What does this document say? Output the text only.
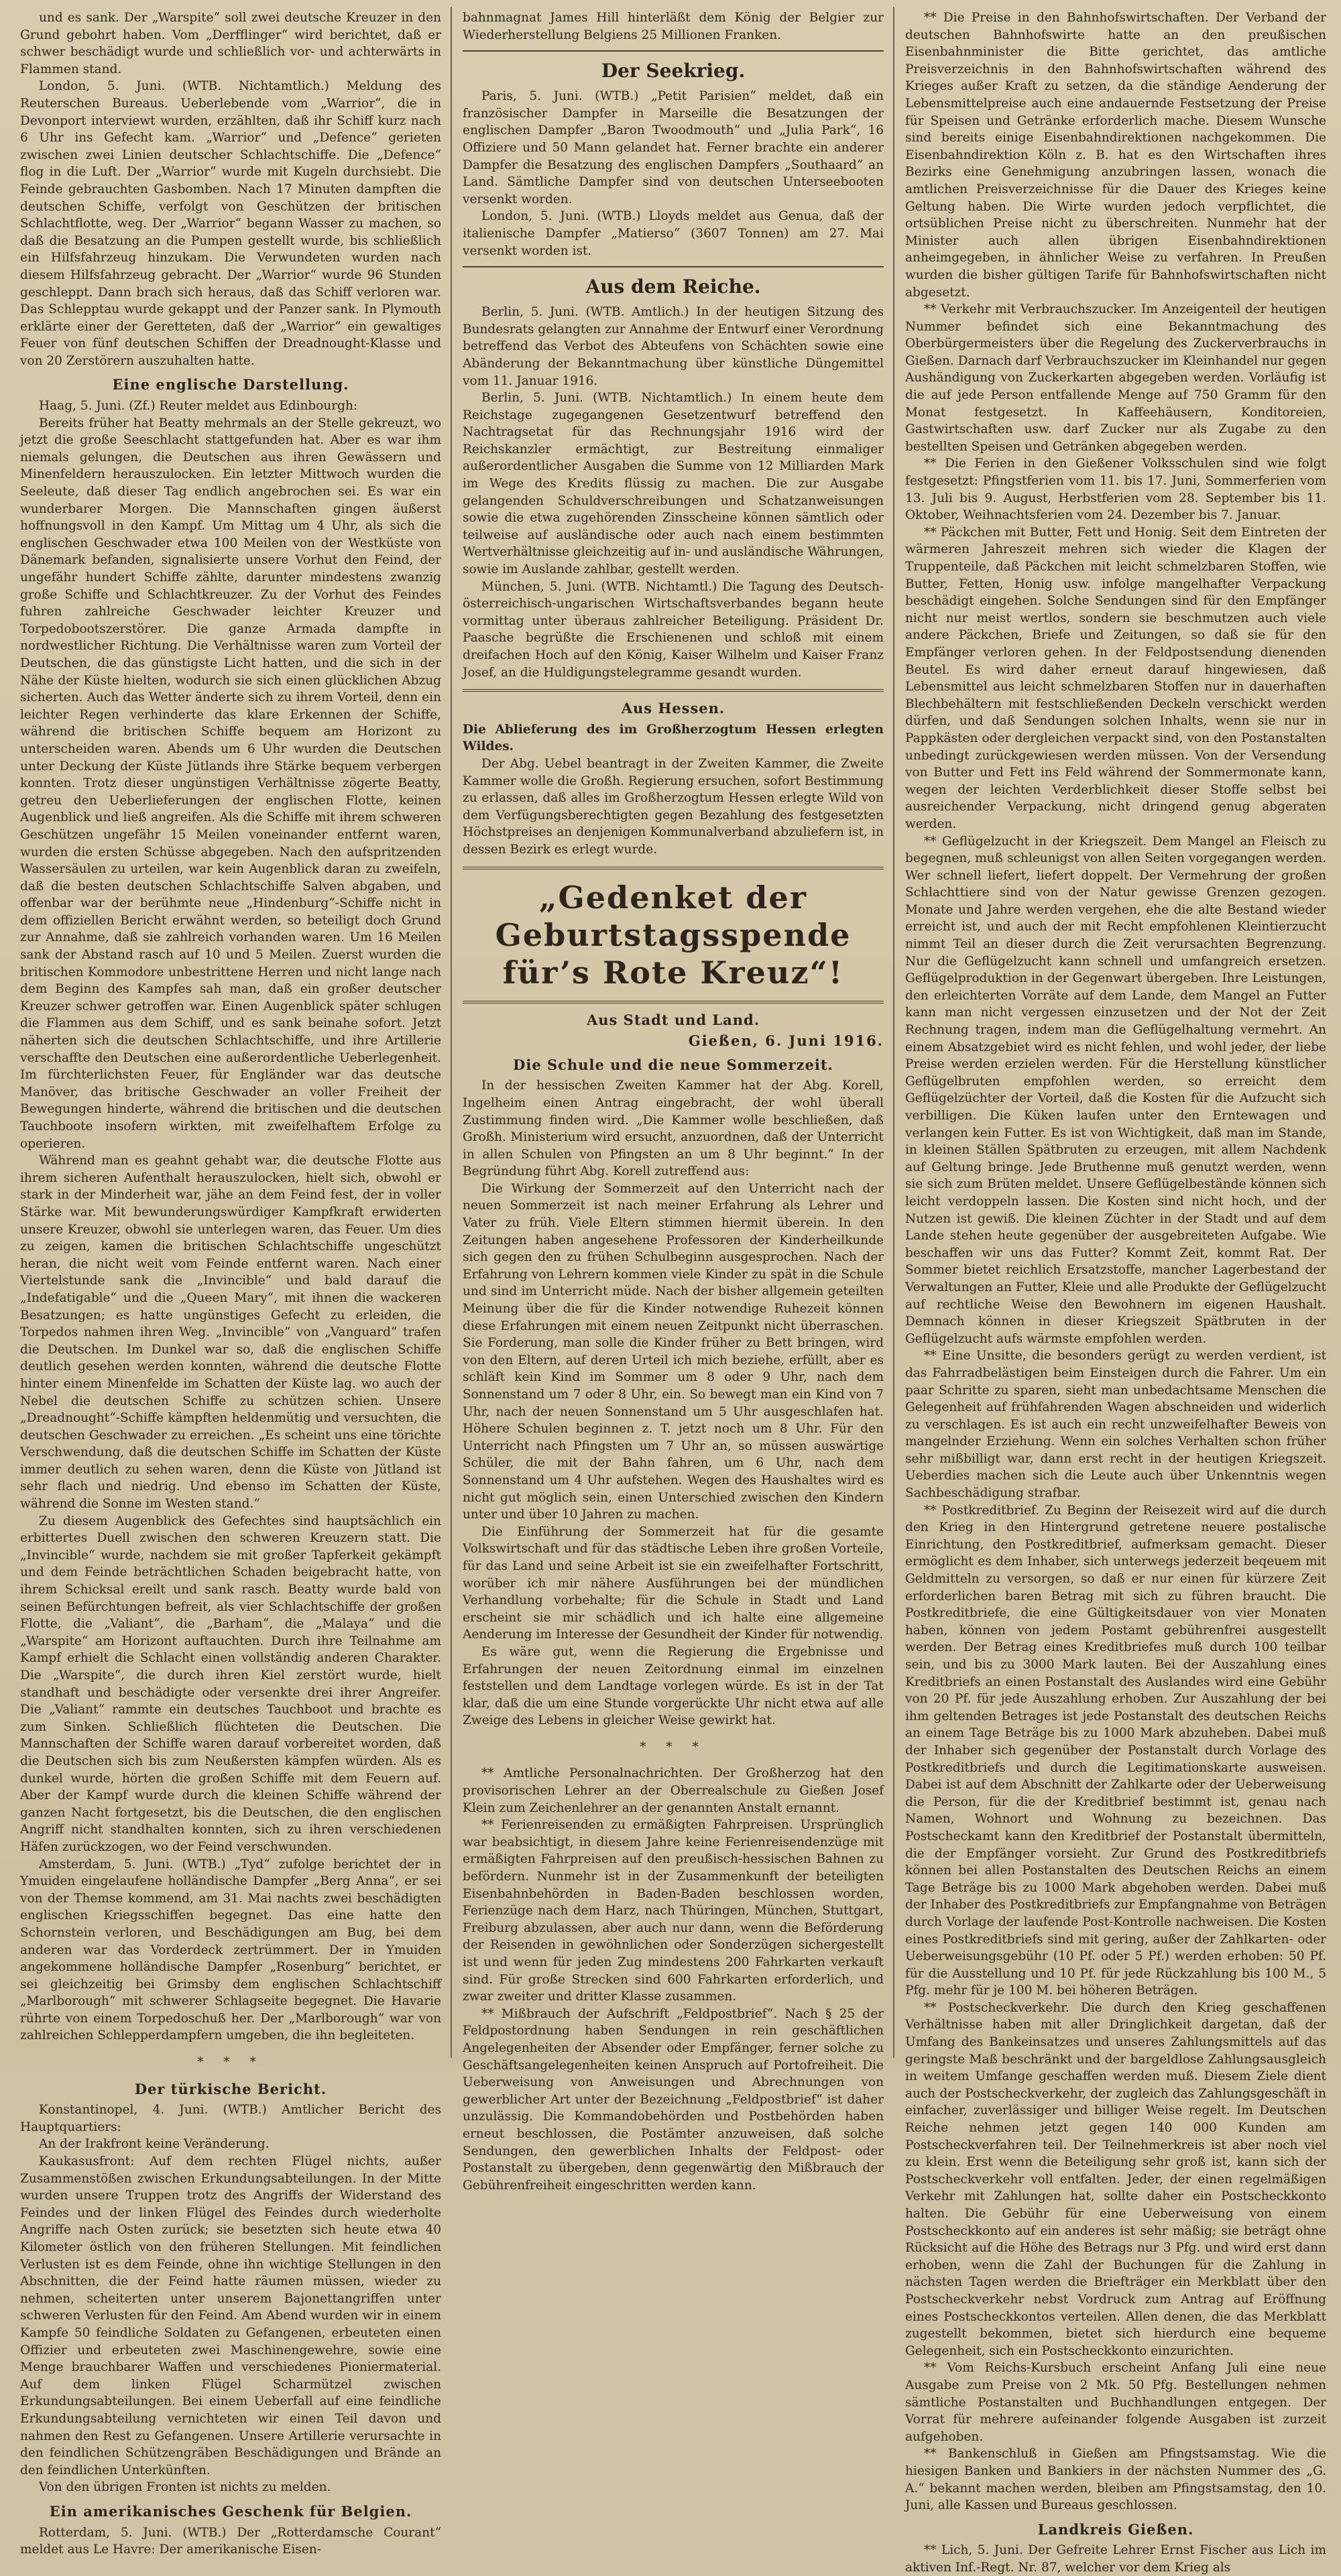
und es sank. Der „Warspite“ soll zwei deutsche Kreuzer in den Grund gebohrt haben. Vom „Derfflinger“ wird berichtet, daß er schwer beschädigt wurde und schließlich vor- und achterwärts in Flammen stand.

London, 5. Juni. (WTB. Nichtamtlich.) Meldung des Reuterschen Bureaus. Ueberlebende vom „Warrior“, die in Devonport interviewt wurden, erzählten, daß ihr Schiff kurz nach 6 Uhr ins Gefecht kam. „Warrior“ und „Defence“ gerieten zwischen zwei Linien deutscher Schlachtschiffe. Die „Defence“ flog in die Luft. Der „Warrior“ wurde mit Kugeln durchsiebt. Die Feinde gebrauchten Gasbomben. Nach 17 Minuten dampften die deutschen Schiffe, verfolgt von Geschützen der britischen Schlachtflotte, weg. Der „Warrior“ begann Wasser zu machen, so daß die Besatzung an die Pumpen gestellt wurde, bis schließlich ein Hilfsfahrzeug hinzukam. Die Verwundeten wurden nach diesem Hilfsfahrzeug gebracht. Der „Warrior“ wurde 96 Stunden geschleppt. Dann brach sich heraus, daß das Schiff verloren war. Das Schlepptau wurde gekappt und der Panzer sank. In Plymouth erklärte einer der Geretteten, daß der „Warrior“ ein gewaltiges Feuer von fünf deutschen Schiffen der Dreadnought-Klasse und von 20 Zerstörern auszuhalten hatte.

Eine englische Darstellung.

Haag, 5. Juni. (Zf.) Reuter meldet aus Edinbourgh:

Bereits früher hat Beatty mehrmals an der Stelle gekreuzt, wo jetzt die große Seeschlacht stattgefunden hat. Aber es war ihm niemals gelungen, die Deutschen aus ihren Gewässern und Minenfeldern herauszulocken. Ein letzter Mittwoch wurden die Seeleute, daß dieser Tag endlich angebrochen sei. Es war ein wunderbarer Morgen. Die Mannschaften gingen äußerst hoffnungsvoll in den Kampf. Um Mittag um 4 Uhr, als sich die englischen Geschwader etwa 100 Meilen von der Westküste von Dänemark befanden, signalisierte unsere Vorhut den Feind, der ungefähr hundert Schiffe zählte, darunter mindestens zwanzig große Schiffe und Schlachtkreuzer. Zu der Vorhut des Feindes fuhren zahlreiche Geschwader leichter Kreuzer und Torpedobootszerstörer. Die ganze Armada dampfte in nordwestlicher Richtung. Die Verhältnisse waren zum Vorteil der Deutschen, die das günstigste Licht hatten, und die sich in der Nähe der Küste hielten, wodurch sie sich einen glücklichen Abzug sicherten. Auch das Wetter änderte sich zu ihrem Vorteil, denn ein leichter Regen verhinderte das klare Erkennen der Schiffe, während die britischen Schiffe bequem am Horizont zu unterscheiden waren. Abends um 6 Uhr wurden die Deutschen unter Deckung der Küste Jütlands ihre Stärke bequem verbergen konnten. Trotz dieser ungünstigen Verhältnisse zögerte Beatty, getreu den Ueberlieferungen der englischen Flotte, keinen Augenblick und ließ angreifen. Als die Schiffe mit ihrem schweren Geschützen ungefähr 15 Meilen voneinander entfernt waren, wurden die ersten Schüsse abgegeben. Nach den aufspritzenden Wassersäulen zu urteilen, war kein Augenblick daran zu zweifeln, daß die besten deutschen Schlachtschiffe Salven abgaben, und offenbar war der berühmte neue „Hindenburg“-Schiffe nicht in dem offiziellen Bericht erwähnt werden, so beteiligt doch Grund zur Annahme, daß sie zahlreich vorhanden waren. Um 16 Meilen sank der Abstand rasch auf 10 und 5 Meilen. Zuerst wurden die britischen Kommodore unbestrittene Herren und nicht lange nach dem Beginn des Kampfes sah man, daß ein großer deutscher Kreuzer schwer getroffen war. Einen Augenblick später schlugen die Flammen aus dem Schiff, und es sank beinahe sofort. Jetzt näherten sich die deutschen Schlachtschiffe, und ihre Artillerie verschaffte den Deutschen eine außerordentliche Ueberlegenheit. Im fürchterlichsten Feuer, für Engländer war das deutsche Manöver, das britische Geschwader an voller Freiheit der Bewegungen hinderte, während die britischen und die deutschen Tauchboote insofern wirkten, mit zweifelhaftem Erfolge zu operieren.

Während man es geahnt gehabt war, die deutsche Flotte aus ihrem sicheren Aufenthalt herauszulocken, hielt sich, obwohl er stark in der Minderheit war, jähe an dem Feind fest, der in voller Stärke war. Mit bewunderungswürdiger Kampfkraft erwiderten unsere Kreuzer, obwohl sie unterlegen waren, das Feuer. Um dies zu zeigen, kamen die britischen Schlachtschiffe ungeschützt heran, die nicht weit vom Feinde entfernt waren. Nach einer Viertelstunde sank die „Invincible“ und bald darauf die „Indefatigable“ und die „Queen Mary“, mit ihnen die wackeren Besatzungen; es hatte ungünstiges Gefecht zu erleiden, die Torpedos nahmen ihren Weg. „Invincible“ von „Vanguard“ trafen die Deutschen. Im Dunkel war so, daß die englischen Schiffe deutlich gesehen werden konnten, während die deutsche Flotte hinter einem Minenfelde im Schatten der Küste lag. wo auch der Nebel die deutschen Schiffe zu schützen schien. Unsere „Dreadnought“-Schiffe kämpften heldenmütig und versuchten, die deutschen Geschwader zu erreichen. „Es scheint uns eine törichte Verschwendung, daß die deutschen Schiffe im Schatten der Küste immer deutlich zu sehen waren, denn die Küste von Jütland ist sehr flach und niedrig. Und ebenso im Schatten der Küste, während die Sonne im Westen stand.“

Zu diesem Augenblick des Gefechtes sind hauptsächlich ein erbittertes Duell zwischen den schweren Kreuzern statt. Die „Invincible“ wurde, nachdem sie mit großer Tapferkeit gekämpft und dem Feinde beträchtlichen Schaden beigebracht hatte, von ihrem Schicksal ereilt und sank rasch. Beatty wurde bald von seinen Befürchtungen befreit, als vier Schlachtschiffe der großen Flotte, die „Valiant“, die „Barham“, die „Malaya“ und die „Warspite“ am Horizont auftauchten. Durch ihre Teilnahme am Kampf erhielt die Schlacht einen vollständig anderen Charakter. Die „Warspite“, die durch ihren Kiel zerstört wurde, hielt standhaft und beschädigte oder versenkte drei ihrer Angreifer. Die „Valiant“ rammte ein deutsches Tauchboot und brachte es zum Sinken. Schließlich flüchteten die Deutschen. Die Mannschaften der Schiffe waren darauf vorbereitet worden, daß die Deutschen sich bis zum Neußersten kämpfen würden. Als es dunkel wurde, hörten die großen Schiffe mit dem Feuern auf. Aber der Kampf wurde durch die kleinen Schiffe während der ganzen Nacht fortgesetzt, bis die Deutschen, die den englischen Angriff nicht standhalten konnten, sich zu ihren verschiedenen Häfen zurückzogen, wo der Feind verschwunden.

Amsterdam, 5. Juni. (WTB.) „Tyd“ zufolge berichtet der in Ymuiden eingelaufene holländische Dampfer „Berg Anna“, er sei von der Themse kommend, am 31. Mai nachts zwei beschädigten englischen Kriegsschiffen begegnet. Das eine hatte den Schornstein verloren, und Beschädigungen am Bug, bei dem anderen war das Vorderdeck zertrümmert. Der in Ymuiden angekommene holländische Dampfer „Rosenburg“ berichtet, er sei gleichzeitig bei Grimsby dem englischen Schlachtschiff „Marlborough“ mit schwerer Schlagseite begegnet. Die Havarie rührte von einem Torpedoschuß her. Der „Marlborough“ war von zahlreichen Schlepperdampfern umgeben, die ihn begleiteten.

* * *
Der türkische Bericht.

Konstantinopel, 4. Juni. (WTB.) Amtlicher Bericht des Hauptquartiers:

An der Irakfront keine Veränderung.

Kaukasusfront: Auf dem rechten Flügel nichts, außer Zusammenstößen zwischen Erkundungsabteilungen. In der Mitte wurden unsere Truppen trotz des Angriffs der Widerstand des Feindes und der linken Flügel des Feindes durch wiederholte Angriffe nach Osten zurück; sie besetzten sich heute etwa 40 Kilometer östlich von den früheren Stellungen. Mit feindlichen Verlusten ist es dem Feinde, ohne ihn wichtige Stellungen in den Abschnitten, die der Feind hatte räumen müssen, wieder zu nehmen, scheiterten unter unserem Bajonettangriffen unter schweren Verlusten für den Feind. Am Abend wurden wir in einem Kampfe 50 feindliche Soldaten zu Gefangenen, erbeuteten einen Offizier und erbeuteten zwei Maschinengewehre, sowie eine Menge brauchbarer Waffen und verschiedenes Pioniermaterial. Auf dem linken Flügel Scharmützel zwischen Erkundungsabteilungen. Bei einem Ueberfall auf eine feindliche Erkundungsabteilung vernichteten wir einen Teil davon und nahmen den Rest zu Gefangenen. Unsere Artillerie verursachte in den feindlichen Schützengräben Beschädigungen und Brände an den feindlichen Unterkünften.

Von den übrigen Fronten ist nichts zu melden.

Ein amerikanisches Geschenk für Belgien.

Rotterdam, 5. Juni. (WTB.) Der „Rotterdamsche Courant“ meldet aus Le Havre: Der amerikanische Eisen-

bahnmagnat James Hill hinterläßt dem König der Belgier zur Wiederherstellung Belgiens 25 Millionen Franken.

Der Seekrieg.

Paris, 5. Juni. (WTB.) „Petit Parisien“ meldet, daß ein französischer Dampfer in Marseille die Besatzungen der englischen Dampfer „Baron Twoodmouth“ und „Julia Park“, 16 Offiziere und 50 Mann gelandet hat. Ferner brachte ein anderer Dampfer die Besatzung des englischen Dampfers „Southaard“ an Land. Sämtliche Dampfer sind von deutschen Unterseebooten versenkt worden.

London, 5. Juni. (WTB.) Lloyds meldet aus Genua, daß der italienische Dampfer „Matierso“ (3607 Tonnen) am 27. Mai versenkt worden ist.

Aus dem Reiche.

Berlin, 5. Juni. (WTB. Amtlich.) In der heutigen Sitzung des Bundesrats gelangten zur Annahme der Entwurf einer Verordnung betreffend das Verbot des Abteufens von Schächten sowie eine Abänderung der Bekanntmachung über künstliche Düngemittel vom 11. Januar 1916.

Berlin, 5. Juni. (WTB. Nichtamtlich.) In einem heute dem Reichstage zugegangenen Gesetzentwurf betreffend den Nachtragsetat für das Rechnungsjahr 1916 wird der Reichskanzler ermächtigt, zur Bestreitung einmaliger außerordentlicher Ausgaben die Summe von 12 Milliarden Mark im Wege des Kredits flüssig zu machen. Die zur Ausgabe gelangenden Schuldverschreibungen und Schatzanweisungen sowie die etwa zugehörenden Zinsscheine können sämtlich oder teilweise auf ausländische oder auch nach einem bestimmten Wertverhältnisse gleichzeitig auf in- und ausländische Währungen, sowie im Auslande zahlbar, gestellt werden.

München, 5. Juni. (WTB. Nichtamtl.) Die Tagung des Deutsch-österreichisch-ungarischen Wirtschaftsverbandes begann heute vormittag unter überaus zahlreicher Beteiligung. Präsident Dr. Paasche begrüßte die Erschienenen und schloß mit einem dreifachen Hoch auf den König, Kaiser Wilhelm und Kaiser Franz Josef, an die Huldigungstelegramme gesandt wurden.

Aus Hessen.

Die Ablieferung des im Großherzogtum Hessen erlegten Wildes.

Der Abg. Uebel beantragt in der Zweiten Kammer, die Zweite Kammer wolle die Großh. Regierung ersuchen, sofort Bestimmung zu erlassen, daß alles im Großherzogtum Hessen erlegte Wild von dem Verfügungsberechtigten gegen Bezahlung des festgesetzten Höchstpreises an denjenigen Kommunalverband abzuliefern ist, in dessen Bezirk es erlegt wurde.

„Gedenket der Geburtstagsspende für’s Rote Kreuz“!
Aus Stadt und Land.
Gießen, 6. Juni 1916.
Die Schule und die neue Sommerzeit.

In der hessischen Zweiten Kammer hat der Abg. Korell, Ingelheim einen Antrag eingebracht, der wohl überall Zustimmung finden wird. „Die Kammer wolle beschließen, daß Großh. Ministerium wird ersucht, anzuordnen, daß der Unterricht in allen Schulen von Pfingsten an um 8 Uhr beginnt.“ In der Begründung führt Abg. Korell zutreffend aus:

Die Wirkung der Sommerzeit auf den Unterricht nach der neuen Sommerzeit ist nach meiner Erfahrung als Lehrer und Vater zu früh. Viele Eltern stimmen hiermit überein. In den Zeitungen haben angesehene Professoren der Kinderheilkunde sich gegen den zu frühen Schulbeginn ausgesprochen. Nach der Erfahrung von Lehrern kommen viele Kinder zu spät in die Schule und sind im Unterricht müde. Nach der bisher allgemein geteilten Meinung über die für die Kinder notwendige Ruhezeit können diese Erfahrungen mit einem neuen Zeitpunkt nicht überraschen. Sie Forderung, man solle die Kinder früher zu Bett bringen, wird von den Eltern, auf deren Urteil ich mich beziehe, erfüllt, aber es schläft kein Kind im Sommer um 8 oder 9 Uhr, nach dem Sonnenstand um 7 oder 8 Uhr, ein. So bewegt man ein Kind von 7 Uhr, nach der neuen Sonnenstand um 5 Uhr ausgeschlafen hat. Höhere Schulen beginnen z. T. jetzt noch um 8 Uhr. Für den Unterricht nach Pfingsten um 7 Uhr an, so müssen auswärtige Schüler, die mit der Bahn fahren, um 6 Uhr, nach dem Sonnenstand um 4 Uhr aufstehen. Wegen des Haushaltes wird es nicht gut möglich sein, einen Unterschied zwischen den Kindern unter und über 10 Jahren zu machen.

Die Einführung der Sommerzeit hat für die gesamte Volkswirtschaft und für das städtische Leben ihre großen Vorteile, für das Land und seine Arbeit ist sie ein zweifelhafter Fortschritt, worüber ich mir nähere Ausführungen bei der mündlichen Verhandlung vorbehalte; für die Schule in Stadt und Land erscheint sie mir schädlich und ich halte eine allgemeine Aenderung im Interesse der Gesundheit der Kinder für notwendig.

Es wäre gut, wenn die Regierung die Ergebnisse und Erfahrungen der neuen Zeitordnung einmal im einzelnen feststellen und dem Landtage vorlegen würde. Es ist in der Tat klar, daß die um eine Stunde vorgerückte Uhr nicht etwa auf alle Zweige des Lebens in gleicher Weise gewirkt hat.

* * *

** Amtliche Personalnachrichten. Der Großherzog hat den provisorischen Lehrer an der Oberrealschule zu Gießen Josef Klein zum Zeichenlehrer an der genannten Anstalt ernannt.

** Ferienreisenden zu ermäßigten Fahrpreisen. Ursprünglich war beabsichtigt, in diesem Jahre keine Ferienreisendenzüge mit ermäßigten Fahrpreisen auf den preußisch-hessischen Bahnen zu befördern. Nunmehr ist in der Zusammenkunft der beteiligten Eisenbahnbehörden in Baden-Baden beschlossen worden, Ferienzüge nach dem Harz, nach Thüringen, München, Stuttgart, Freiburg abzulassen, aber auch nur dann, wenn die Beförderung der Reisenden in gewöhnlichen oder Sonderzügen sichergestellt ist und wenn für jeden Zug mindestens 200 Fahrkarten verkauft sind. Für große Strecken sind 600 Fahrkarten erforderlich, und zwar zweiter und dritter Klasse zusammen.

** Mißbrauch der Aufschrift „Feldpostbrief“. Nach § 25 der Feldpostordnung haben Sendungen in rein geschäftlichen Angelegenheiten der Absender oder Empfänger, ferner solche zu Geschäftsangelegenheiten keinen Anspruch auf Portofreiheit. Die Ueberweisung von Anweisungen und Abrechnungen von gewerblicher Art unter der Bezeichnung „Feldpostbrief“ ist daher unzulässig. Die Kommandobehörden und Postbehörden haben erneut beschlossen, die Postämter anzuweisen, daß solche Sendungen, den gewerblichen Inhalts der Feldpost- oder Postanstalt zu übergeben, denn gegenwärtig den Mißbrauch der Gebührenfreiheit eingeschritten werden kann.

** Die Preise in den Bahnhofswirtschaften. Der Verband der deutschen Bahnhofswirte hatte an den preußischen Eisenbahnminister die Bitte gerichtet, das amtliche Preisverzeichnis in den Bahnhofswirtschaften während des Krieges außer Kraft zu setzen, da die ständige Aenderung der Lebensmittelpreise auch eine andauernde Festsetzung der Preise für Speisen und Getränke erforderlich mache. Diesem Wunsche sind bereits einige Eisenbahndirektionen nachgekommen. Die Eisenbahndirektion Köln z. B. hat es den Wirtschaften ihres Bezirks eine Genehmigung anzubringen lassen, wonach die amtlichen Preisverzeichnisse für die Dauer des Krieges keine Geltung haben. Die Wirte wurden jedoch verpflichtet, die ortsüblichen Preise nicht zu überschreiten. Nunmehr hat der Minister auch allen übrigen Eisenbahndirektionen anheimgegeben, in ähnlicher Weise zu verfahren. In Preußen wurden die bisher gültigen Tarife für Bahnhofswirtschaften nicht abgesetzt.

** Verkehr mit Verbrauchszucker. Im Anzeigenteil der heutigen Nummer befindet sich eine Bekanntmachung des Oberbürgermeisters über die Regelung des Zuckerverbrauchs in Gießen. Darnach darf Verbrauchszucker im Kleinhandel nur gegen Aushändigung von Zuckerkarten abgegeben werden. Vorläufig ist die auf jede Person entfallende Menge auf 750 Gramm für den Monat festgesetzt. In Kaffeehäusern, Konditoreien, Gastwirtschaften usw. darf Zucker nur als Zugabe zu den bestellten Speisen und Getränken abgegeben werden.

** Die Ferien in den Gießener Volksschulen sind wie folgt festgesetzt: Pfingstferien vom 11. bis 17. Juni, Sommerferien vom 13. Juli bis 9. August, Herbstferien vom 28. September bis 11. Oktober, Weihnachtsferien vom 24. Dezember bis 7. Januar.

** Päckchen mit Butter, Fett und Honig. Seit dem Eintreten der wärmeren Jahreszeit mehren sich wieder die Klagen der Truppenteile, daß Päckchen mit leicht schmelzbaren Stoffen, wie Butter, Fetten, Honig usw. infolge mangelhafter Verpackung beschädigt eingehen. Solche Sendungen sind für den Empfänger nicht nur meist wertlos, sondern sie beschmutzen auch viele andere Päckchen, Briefe und Zeitungen, so daß sie für den Empfänger verloren gehen. In der Feldpostsendung dienenden Beutel. Es wird daher erneut darauf hingewiesen, daß Lebensmittel aus leicht schmelzbaren Stoffen nur in dauerhaften Blechbehältern mit festschließenden Deckeln verschickt werden dürfen, und daß Sendungen solchen Inhalts, wenn sie nur in Pappkästen oder dergleichen verpackt sind, von den Postanstalten unbedingt zurückgewiesen werden müssen. Von der Versendung von Butter und Fett ins Feld während der Sommermonate kann, wegen der leichten Verderblichkeit dieser Stoffe selbst bei ausreichender Verpackung, nicht dringend genug abgeraten werden.

** Geflügelzucht in der Kriegszeit. Dem Mangel an Fleisch zu begegnen, muß schleunigst von allen Seiten vorgegangen werden. Wer schnell liefert, liefert doppelt. Der Vermehrung der großen Schlachttiere sind von der Natur gewisse Grenzen gezogen. Monate und Jahre werden vergehen, ehe die alte Bestand wieder erreicht ist, und auch der mit Recht empfohlenen Kleintierzucht nimmt Teil an dieser durch die Zeit verursachten Begrenzung. Nur die Geflügelzucht kann schnell und umfangreich ersetzen. Geflügelproduktion in der Gegenwart übergeben. Ihre Leistungen, den erleichterten Vorräte auf dem Lande, dem Mangel an Futter kann man nicht vergessen einzusetzen und der Not der Zeit Rechnung tragen, indem man die Geflügelhaltung vermehrt. An einem Absatzgebiet wird es nicht fehlen, und wohl jeder, der liebe Preise werden erzielen werden. Für die Herstellung künstlicher Geflügelbruten empfohlen werden, so erreicht dem Geflügelzüchter der Vorteil, daß die Kosten für die Aufzucht sich verbilligen. Die Küken laufen unter den Erntewagen und verlangen kein Futter. Es ist von Wichtigkeit, daß man im Stande, in kleinen Ställen Spätbruten zu erzeugen, mit allem Nachdenk auf Geltung bringe. Jede Bruthenne muß genutzt werden, wenn sie sich zum Brüten meldet. Unsere Geflügelbestände können sich leicht verdoppeln lassen. Die Kosten sind nicht hoch, und der Nutzen ist gewiß. Die kleinen Züchter in der Stadt und auf dem Lande stehen heute gegenüber der ausgebreiteten Aufgabe. Wie beschaffen wir uns das Futter? Kommt Zeit, kommt Rat. Der Sommer bietet reichlich Ersatzstoffe, mancher Lagerbestand der Verwaltungen an Futter, Kleie und alle Produkte der Geflügelzucht auf rechtliche Weise den Bewohnern im eigenen Haushalt. Demnach können in dieser Kriegszeit Spätbruten in der Geflügelzucht aufs wärmste empfohlen werden.

** Eine Unsitte, die besonders gerügt zu werden verdient, ist das Fahrradbelästigen beim Einsteigen durch die Fahrer. Um ein paar Schritte zu sparen, sieht man unbedachtsame Menschen die Gelegenheit auf frühfahrenden Wagen abschneiden und widerlich zu verschlagen. Es ist auch ein recht unzweifelhafter Beweis von mangelnder Erziehung. Wenn ein solches Verhalten schon früher sehr mißbilligt war, dann erst recht in der heutigen Kriegszeit. Ueberdies machen sich die Leute auch über Unkenntnis wegen Sachbeschädigung strafbar.

** Postkreditbrief. Zu Beginn der Reisezeit wird auf die durch den Krieg in den Hintergrund getretene neuere postalische Einrichtung, den Postkreditbrief, aufmerksam gemacht. Dieser ermöglicht es dem Inhaber, sich unterwegs jederzeit beqeuem mit Geldmitteln zu versorgen, so daß er nur einen für kürzere Zeit erforderlichen baren Betrag mit sich zu führen braucht. Die Postkreditbriefe, die eine Gültigkeitsdauer von vier Monaten haben, können von jedem Postamt gebührenfrei ausgestellt werden. Der Betrag eines Kreditbriefes muß durch 100 teilbar sein, und bis zu 3000 Mark lauten. Bei der Auszahlung eines Kreditbriefs an einen Postanstalt des Auslandes wird eine Gebühr von 20 Pf. für jede Auszahlung erhoben. Zur Auszahlung der bei ihm geltenden Betrages ist jede Postanstalt des deutschen Reichs an einem Tage Beträge bis zu 1000 Mark abzuheben. Dabei muß der Inhaber sich gegenüber der Postanstalt durch Vorlage des Postkreditbriefs und durch die Legitimationskarte ausweisen. Dabei ist auf dem Abschnitt der Zahlkarte oder der Ueberweisung die Person, für die der Kreditbrief bestimmt ist, genau nach Namen, Wohnort und Wohnung zu bezeichnen. Das Postscheckamt kann den Kreditbrief der Postanstalt übermitteln, die der Empfänger vorsieht. Zur Grund des Postkreditbriefs können bei allen Postanstalten des Deutschen Reichs an einem Tage Beträge bis zu 1000 Mark abgehoben werden. Dabei muß der Inhaber des Postkreditbriefs zur Empfangnahme von Beträgen durch Vorlage der laufende Post-Kontrolle nachweisen. Die Kosten eines Postkreditbriefs sind mit gering, außer der Zahlkarten- oder Ueberweisungsgebühr (10 Pf. oder 5 Pf.) werden erhoben: 50 Pf. für die Ausstellung und 10 Pf. für jede Rückzahlung bis 100 M., 5 Pfg. mehr für je 100 M. bei höheren Beträgen.

** Postscheckverkehr. Die durch den Krieg geschaffenen Verhältnisse haben mit aller Dringlichkeit dargetan, daß der Umfang des Bankeinsatzes und unseres Zahlungsmittels auf das geringste Maß beschränkt und der bargeldlose Zahlungsausgleich in weitem Umfange geschaffen werden muß. Diesem Ziele dient auch der Postscheckverkehr, der zugleich das Zahlungsgeschäft in einfacher, zuverlässiger und billiger Weise regelt. Im Deutschen Reiche nehmen jetzt gegen 140 000 Kunden am Postscheckverfahren teil. Der Teilnehmerkreis ist aber noch viel zu klein. Erst wenn die Beteiligung sehr groß ist, kann sich der Postscheckverkehr voll entfalten. Jeder, der einen regelmäßigen Verkehr mit Zahlungen hat, sollte daher ein Postscheckkonto halten. Die Gebühr für eine Ueberweisung von einem Postscheckkonto auf ein anderes ist sehr mäßig; sie beträgt ohne Rücksicht auf die Höhe des Betrags nur 3 Pfg. und wird erst dann erhoben, wenn die Zahl der Buchungen für die Zahlung in nächsten Tagen werden die Briefträger ein Merkblatt über den Postscheckverkehr nebst Vordruck zum Antrag auf Eröffnung eines Postscheckkontos verteilen. Allen denen, die das Merkblatt zugestellt bekommen, bietet sich hierdurch eine bequeme Gelegenheit, sich ein Postscheckkonto einzurichten.

** Vom Reichs-Kursbuch erscheint Anfang Juli eine neue Ausgabe zum Preise von 2 Mk. 50 Pfg. Bestellungen nehmen sämtliche Postanstalten und Buchhandlungen entgegen. Der Vorrat für mehrere aufeinander folgende Ausgaben ist zurzeit aufgehoben.

** Bankenschluß in Gießen am Pfingstsamstag. Wie die hiesigen Banken und Bankiers in der nächsten Nummer des „G. A.“ bekannt machen werden, bleiben am Pfingstsamstag, den 10. Juni, alle Kassen und Bureaus geschlossen.

Landkreis Gießen.

** Lich, 5. Juni. Der Gefreite Lehrer Ernst Fischer aus Lich im aktiven Inf.-Regt. Nr. 87, welcher vor dem Krieg als
